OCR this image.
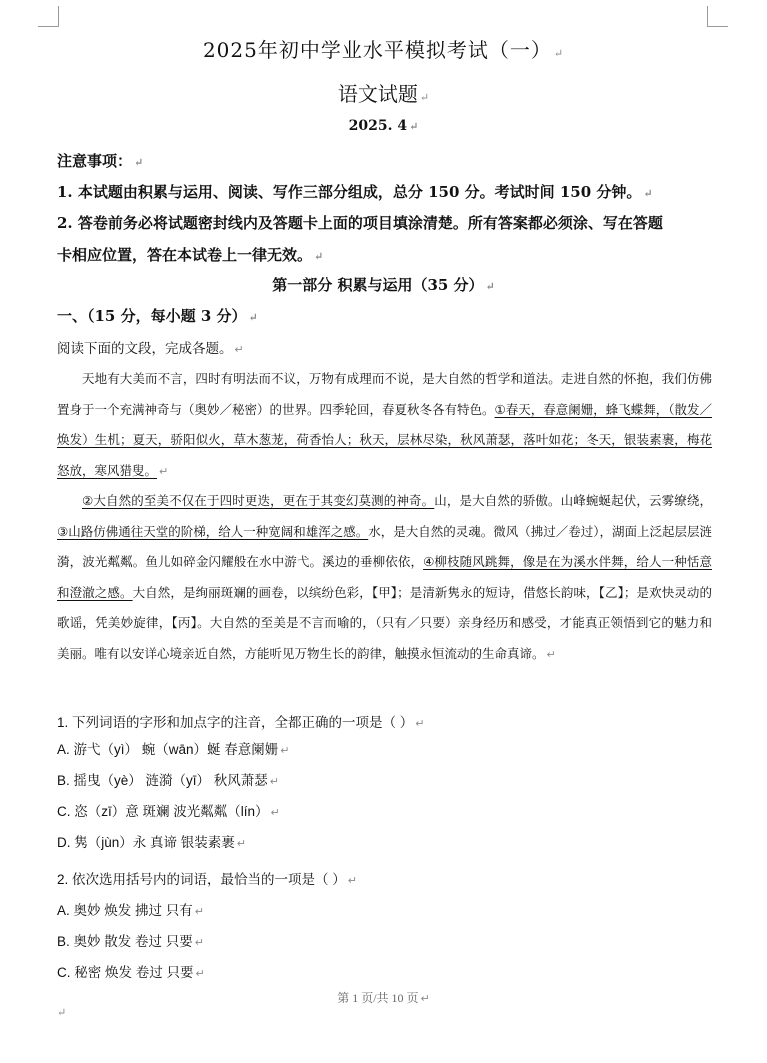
2025年初中学业水平模拟考试（一） ↵
语文试题 ↵
2025. 4 ↵
注意事项： ↵
1. 本试题由积累与运用、阅读、写作三部分组成，总分 150 分。考试时间 150 分钟。 ↵
2. 答卷前务必将试题密封线内及答题卡上面的项目填涂清楚。所有答案都必须涂、写在答题
卡相应位置，答在本试卷上一律无效。 ↵
第一部分 积累与运用（35 分） ↵
一、（15 分，每小题 3 分） ↵
阅读下面的文段，完成各题。 ↵
天地有大美而不言，四时有明法而不议，万物有成理而不说，是大自然的哲学和道法。走进自然的怀抱，我们仿佛置身于一个充满神奇与（奥妙／秘密）的世界。四季轮回，春夏秋冬各有特色。①春天，春意阑姗，蜂飞蝶舞，（散发／焕发）生机；夏天，骄阳似火，草木葱茏，荷香怡人；秋天，层林尽染，秋风萧瑟，落叶如花；冬天，银装素裹，梅花怒放，寒风猎叟。 ↵
②大自然的至美不仅在于四时更迭，更在于其变幻莫测的神奇。山，是大自然的骄傲。山峰蜿蜒起伏，云雾缭绕，③山路仿佛通往天堂的阶梯，给人一种宽阔和雄浑之感。水，是大自然的灵魂。微风（拂过／卷过），湖面上泛起层层涟漪，波光粼粼。鱼儿如碎金闪耀般在水中游弋。溪边的垂柳依依，④柳枝随风跳舞，像是在为溪水伴舞，给人一种恬意和澄澈之感。大自然，是绚丽斑斓的画卷，以缤纷色彩，【甲】；是清新隽永的短诗，借悠长韵味，【乙】；是欢快灵动的歌谣，凭美妙旋律，【丙】。大自然的至美是不言而喻的，（只有／只要）亲身经历和感受，才能真正领悟到它的魅力和美丽。唯有以安详心境亲近自然，方能听见万物生长的韵律，触摸永恒流动的生命真谛。 ↵
1. 下列词语的字形和加点字的注音，全都正确的一项是（ ） ↵
A. 游弋（yì） 蜿（wān）蜒 春意阑姗 ↵
B. 摇曳（yè） 涟漪（yī） 秋风萧瑟 ↵
C. 恣（zī）意 斑斓 波光粼粼（lín） ↵
D. 隽（jùn）永 真谛 银装素裹 ↵
2. 依次选用括号内的词语，最恰当的一项是（ ） ↵
A. 奥妙 焕发 拂过 只有 ↵
B. 奥妙 散发 卷过 只要 ↵
C. 秘密 焕发 卷过 只要 ↵
第 1 页/共 10 页 ↵
↵
